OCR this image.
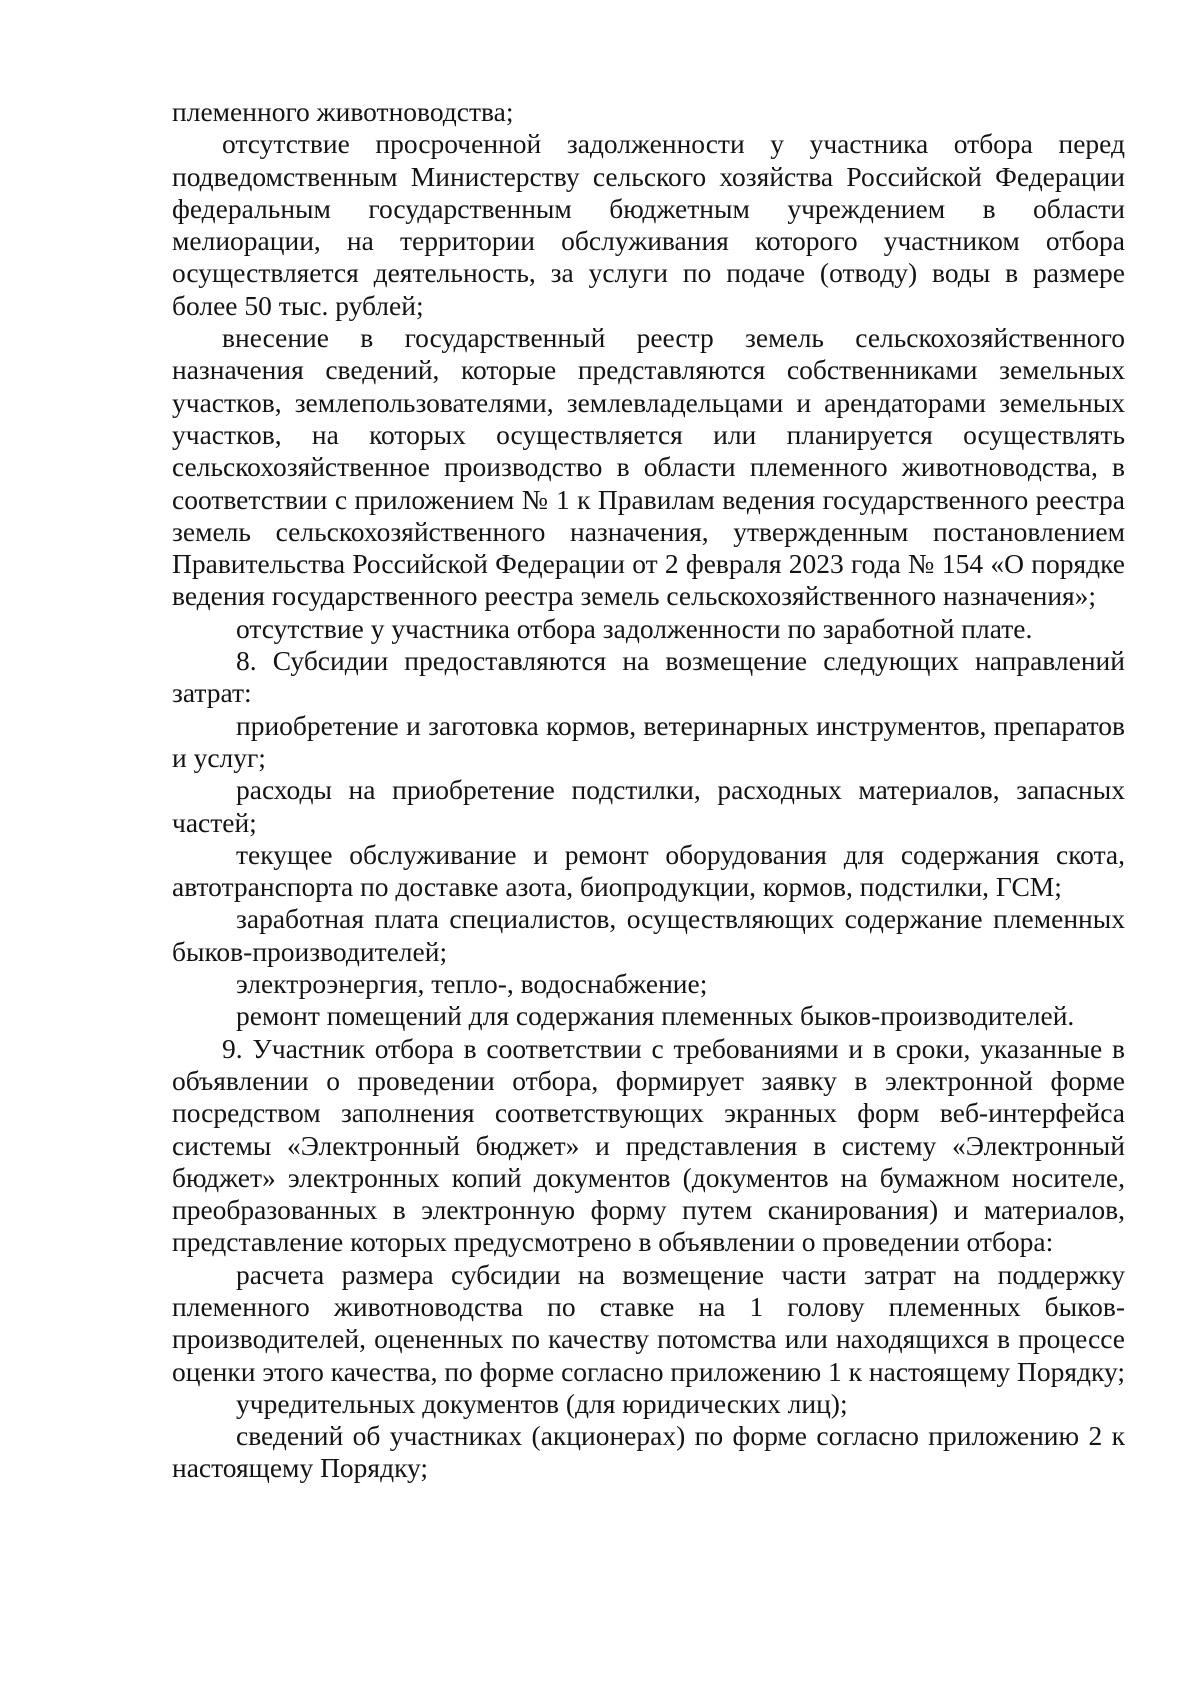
племенного животноводства;

отсутствие просроченной задолженности у участника отбора перед подведомственным Министерству сельского хозяйства Российской Федерации федеральным государственным бюджетным учреждением в области мелиорации, на территории обслуживания которого участником отбора осуществляется деятельность, за услуги по подаче (отводу) воды в размере более 50 тыс. рублей;

внесение в государственный реестр земель сельскохозяйственного назначения сведений, которые представляются собственниками земельных участков, землепользователями, землевладельцами и арендаторами земельных участков, на которых осуществляется или планируется осуществлять сельскохозяйственное производство в области племенного животноводства, в соответствии с приложением № 1 к Правилам ведения государственного реестра земель сельскохозяйственного назначения, утвержденным постановлением Правительства Российской Федерации от 2 февраля 2023 года № 154 «О порядке ведения государственного реестра земель сельскохозяйственного назначения»;

отсутствие у участника отбора задолженности по заработной плате.

8. Субсидии предоставляются на возмещение следующих направлений затрат:

приобретение и заготовка кормов, ветеринарных инструментов, препаратов и услуг;

расходы на приобретение подстилки, расходных материалов, запасных частей;

текущее обслуживание и ремонт оборудования для содержания скота, автотранспорта по доставке азота, биопродукции, кормов, подстилки, ГСМ;

заработная плата специалистов, осуществляющих содержание племенных быков-производителей;

электроэнергия, тепло-, водоснабжение;

ремонт помещений для содержания племенных быков-производителей.

9. Участник отбора в соответствии с требованиями и в сроки, указанные в объявлении о проведении отбора, формирует заявку в электронной форме посредством заполнения соответствующих экранных форм веб-интерфейса системы «Электронный бюджет» и представления в систему «Электронный бюджет» электронных копий документов (документов на бумажном носителе, преобразованных в электронную форму путем сканирования) и материалов, представление которых предусмотрено в объявлении о проведении отбора:

расчета размера субсидии на возмещение части затрат на поддержку племенного животноводства по ставке на 1 голову племенных быков-производителей, оцененных по качеству потомства или находящихся в процессе оценки этого качества, по форме согласно приложению 1 к настоящему Порядку;

учредительных документов (для юридических лиц);

сведений об участниках (акционерах) по форме согласно приложению 2 к настоящему Порядку;
